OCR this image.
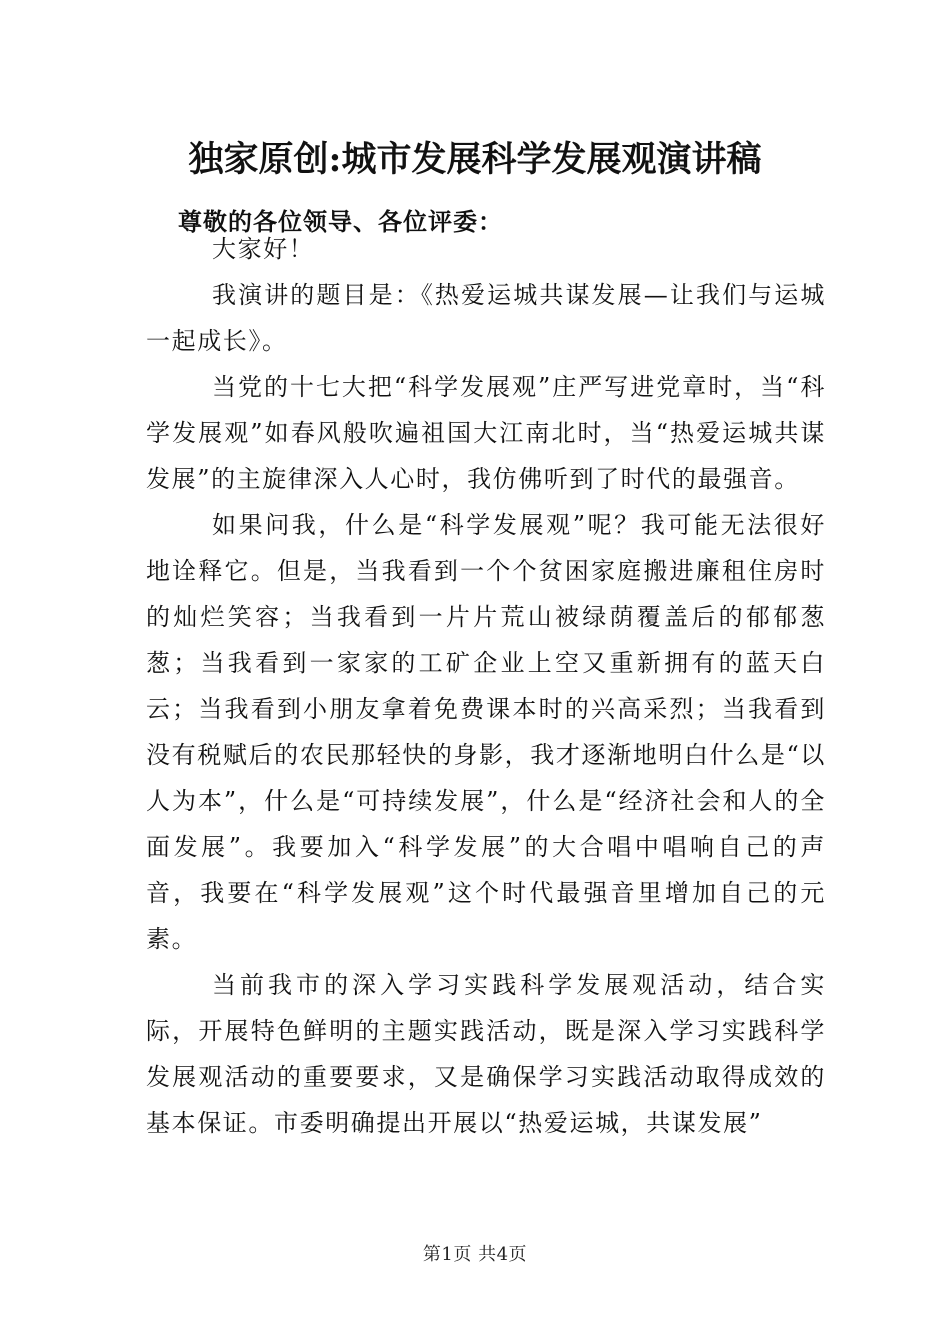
独家原创:城市发展科学发展观演讲稿

尊敬的各位领导、各位评委：

大家好！

我演讲的题目是：《热爱运城共谋发展—让我们与运城一起成长》。

当党的十七大把“科学发展观”庄严写进党章时，当“科学发展观”如春风般吹遍祖国大江南北时，当“热爱运城共谋发展”的主旋律深入人心时，我仿佛听到了时代的最强音。

如果问我，什么是“科学发展观”呢？我可能无法很好地诠释它。但是，当我看到一个个贫困家庭搬进廉租住房时的灿烂笑容；当我看到一片片荒山被绿荫覆盖后的郁郁葱葱；当我看到一家家的工矿企业上空又重新拥有的蓝天白云；当我看到小朋友拿着免费课本时的兴高采烈；当我看到没有税赋后的农民那轻快的身影，我才逐渐地明白什么是“以人为本”，什么是“可持续发展”，什么是“经济社会和人的全面发展”。我要加入“科学发展”的大合唱中唱响自己的声音，我要在“科学发展观”这个时代最强音里增加自己的元素。

当前我市的深入学习实践科学发展观活动，结合实际，开展特色鲜明的主题实践活动，既是深入学习实践科学发展观活动的重要要求，又是确保学习实践活动取得成效的基本保证。市委明确提出开展以“热爱运城，共谋发展”

第1页 共4页
